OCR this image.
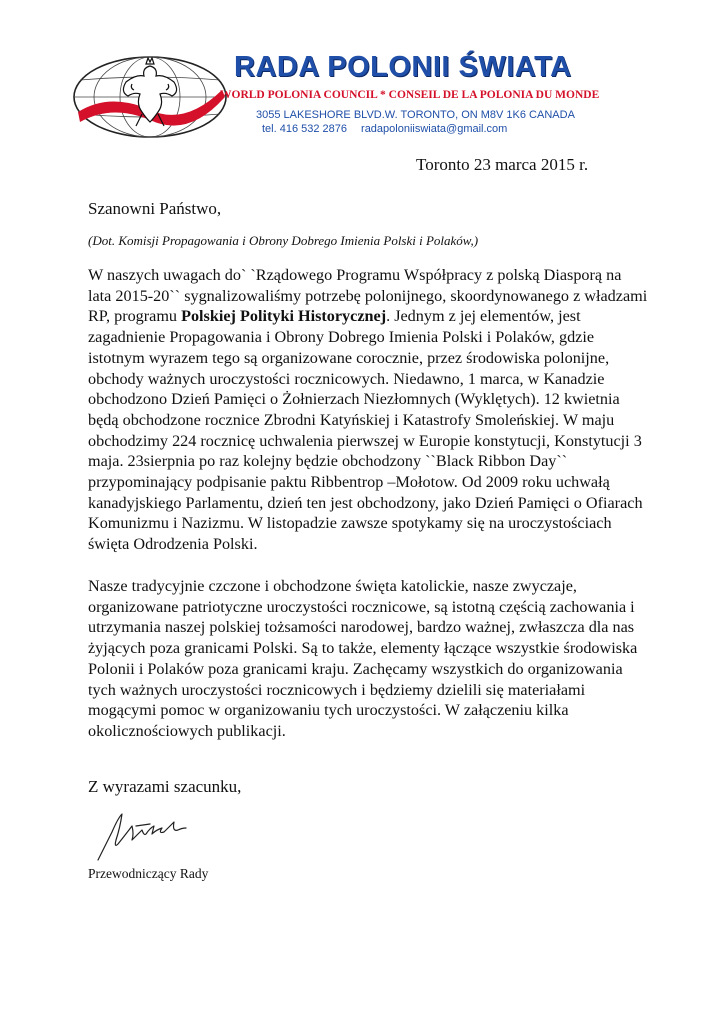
RADA POLONII ŚWIATA
WORLD POLONIA COUNCIL * CONSEIL DE LA POLONIA DU MONDE
3055 LAKESHORE BLVD.W. TORONTO, ON M8V 1K6 CANADA
tel. 416 532 2876 radapoloniiswiata@gmail.com
Toronto 23 marca 2015 r.
Szanowni Państwo,
(Dot. Komisji Propagowania i Obrony Dobrego Imienia Polski i Polaków,)

W naszych uwagach do` `Rządowego Programu Współpracy z polską Diasporą na lata 2015-20`` sygnalizowaliśmy potrzebę polonijnego, skoordynowanego z władzami RP, programu Polskiej Polityki Historycznej. Jednym z jej elementów, jest zagadnienie Propagowania i Obrony Dobrego Imienia Polski i Polaków, gdzie istotnym wyrazem tego są organizowane corocznie, przez środowiska polonijne, obchody ważnych uroczystości rocznicowych. Niedawno, 1 marca, w Kanadzie obchodzono Dzień Pamięci o Żołnierzach Niezłomnych (Wyklętych). 12 kwietnia będą obchodzone rocznice Zbrodni Katyńskiej i Katastrofy Smoleńskiej. W maju obchodzimy 224 rocznicę uchwalenia pierwszej w Europie konstytucji, Konstytucji 3 maja. 23sierpnia po raz kolejny będzie obchodzony ``Black Ribbon Day`` przypominający podpisanie paktu Ribbentrop –Mołotow. Od 2009 roku uchwałą kanadyjskiego Parlamentu, dzień ten jest obchodzony, jako Dzień Pamięci o Ofiarach Komunizmu i Nazizmu. W listopadzie zawsze spotykamy się na uroczystościach święta Odrodzenia Polski.

Nasze tradycyjnie czczone i obchodzone święta katolickie, nasze zwyczaje, organizowane patriotyczne uroczystości rocznicowe, są istotną częścią zachowania i utrzymania naszej polskiej tożsamości narodowej, bardzo ważnej, zwłaszcza dla nas żyjących poza granicami Polski. Są to także, elementy łączące wszystkie środowiska Polonii i Polaków poza granicami kraju. Zachęcamy wszystkich do organizowania tych ważnych uroczystości rocznicowych i będziemy dzielili się materiałami mogącymi pomoc w organizowaniu tych uroczystości. W załączeniu kilka okolicznościowych publikacji.

Z wyrazami szacunku,
Przewodniczący Rady
